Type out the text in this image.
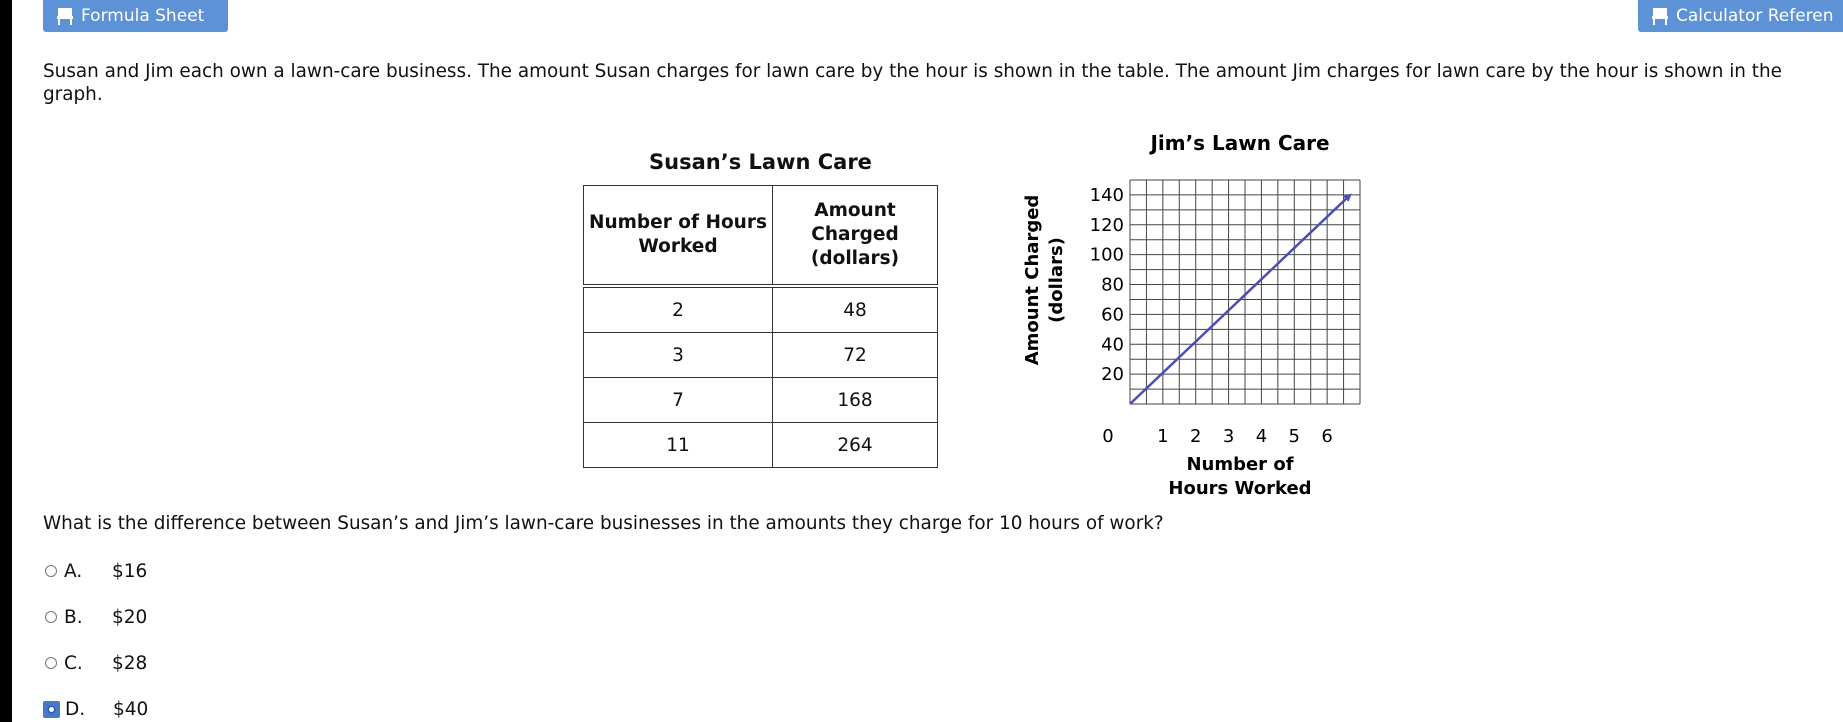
Formula Sheet	Calculator Referen

Susan and Jim each own a lawn-care business. The amount Susan charges for lawn care by the hour is shown in the table. The amount Jim charges for lawn care by the hour is shown in the graph.

Susan’s Lawn Care

Number of Hours Worked	Amount Charged (dollars)
2	48
3	72
7	168
11	264
Jim’s Lawn Care
Amount Charged (dollars)
0 1 2 3 4 5 6
20
40
60
80
100
120
140
Number of Hours Worked

What is the difference between Susan’s and Jim’s lawn-care businesses in the amounts they charge for 10 hours of work?

A.	$16
B.	$20
C.	$28
D.	$40
